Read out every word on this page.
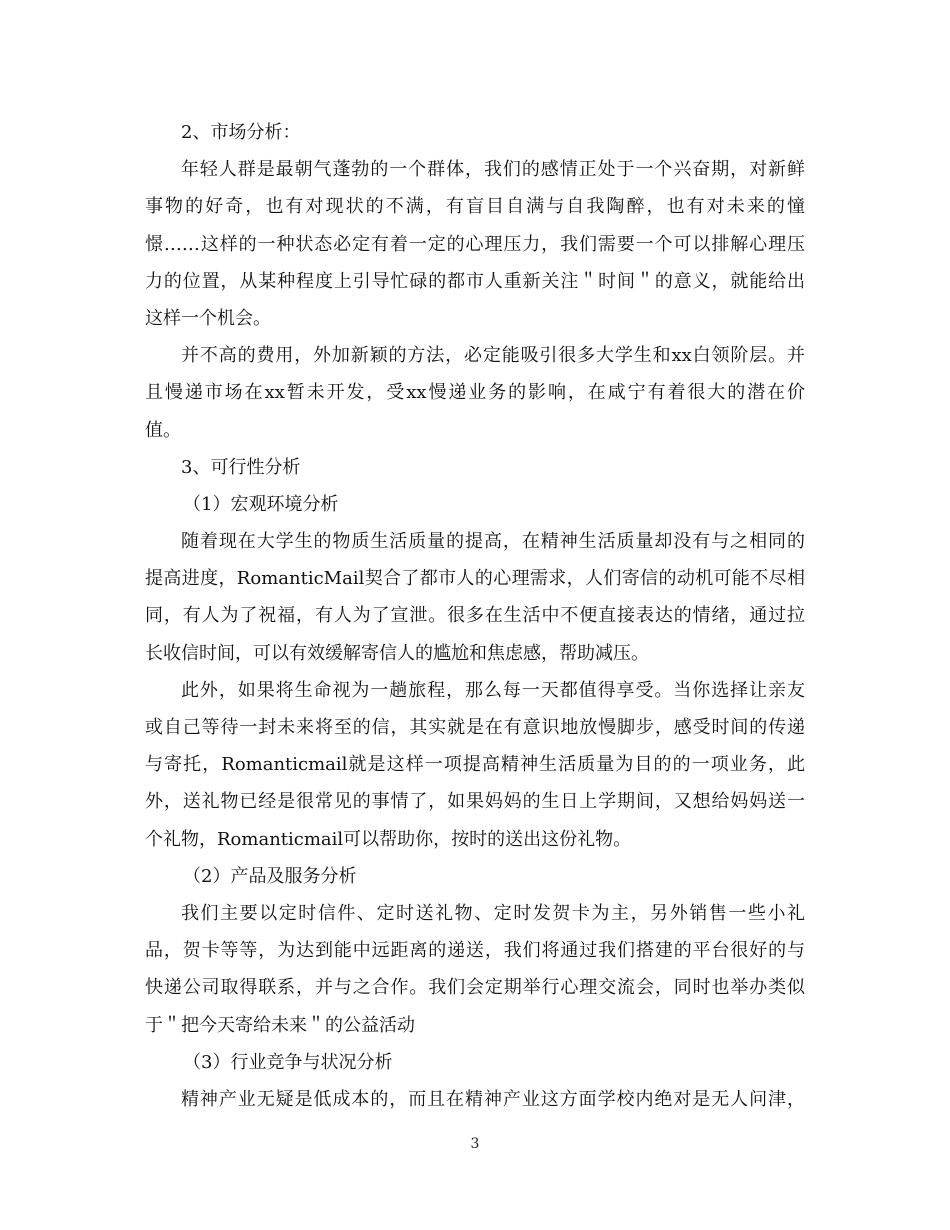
2、市场分析：
年轻人群是最朝气蓬勃的一个群体，我们的感情正处于一个兴奋期，对新鲜
事物的好奇，也有对现状的不满，有盲目自满与自我陶醉，也有对未来的憧
憬……这样的一种状态必定有着一定的心理压力，我们需要一个可以排解心理压
力的位置，从某种程度上引导忙碌的都市人重新关注＂时间＂的意义，就能给出
这样一个机会。
并不高的费用，外加新颖的方法，必定能吸引很多大学生和xx白领阶层。并
且慢递市场在xx暂未开发，受xx慢递业务的影响，在咸宁有着很大的潜在价
值。
3、可行性分析
（1）宏观环境分析
随着现在大学生的物质生活质量的提高，在精神生活质量却没有与之相同的
提高进度，RomanticMail契合了都市人的心理需求，人们寄信的动机可能不尽相
同，有人为了祝福，有人为了宣泄。很多在生活中不便直接表达的情绪，通过拉
长收信时间，可以有效缓解寄信人的尴尬和焦虑感，帮助减压。
此外，如果将生命视为一趟旅程，那么每一天都值得享受。当你选择让亲友
或自己等待一封未来将至的信，其实就是在有意识地放慢脚步，感受时间的传递
与寄托，Romanticmail就是这样一项提高精神生活质量为目的的一项业务，此
外，送礼物已经是很常见的事情了，如果妈妈的生日上学期间，又想给妈妈送一
个礼物，Romanticmail可以帮助你，按时的送出这份礼物。
（2）产品及服务分析
我们主要以定时信件、定时送礼物、定时发贺卡为主，另外销售一些小礼
品，贺卡等等，为达到能中远距离的递送，我们将通过我们搭建的平台很好的与
快递公司取得联系，并与之合作。我们会定期举行心理交流会，同时也举办类似
于＂把今天寄给未来＂的公益活动
（3）行业竞争与状况分析
精神产业无疑是低成本的，而且在精神产业这方面学校内绝对是无人问津，
3
